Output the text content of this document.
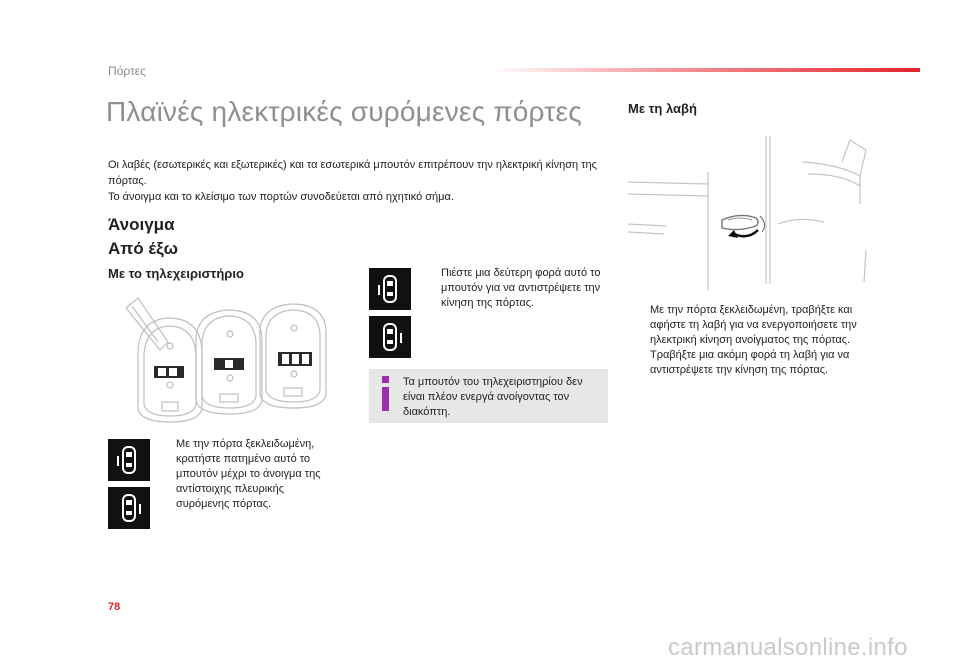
Πόρτες
Πλαϊνές ηλεκτρικές συρόμενες πόρτες

Οι λαβές (εσωτερικές και εξωτερικές) και τα εσωτερικά μπουτόν επιτρέπουν την ηλεκτρική κίνηση της πόρτας.

Το άνοιγμα και το κλείσιμο των πορτών συνοδεύεται από ηχητικό σήμα.

Άνοιγμα
Από έξω
Με το τηλεχειριστήριο
Με τη λαβή
Με την πόρτα ξεκλειδωμένη, κρατήστε πατημένο αυτό το μπουτόν μέχρι το άνοιγμα της αντίστοιχης πλευρικής συρόμενης πόρτας.
Πιέστε μια δεύτερη φορά αυτό το μπουτόν για να αντιστρέψετε την κίνηση της πόρτας.
Τα μπουτόν του τηλεχειριστηρίου δεν είναι πλέον ενεργά ανοίγοντας τον διακόπτη.
Με την πόρτα ξεκλειδωμένη, τραβήξτε και αφήστε τη λαβή για να ενεργοποιήσετε την ηλεκτρική κίνηση ανοίγματος της πόρτας.
Τραβήξτε μια ακόμη φορά τη λαβή για να αντιστρέψετε την κίνηση της πόρτας.
78
carmanualsonline.info
